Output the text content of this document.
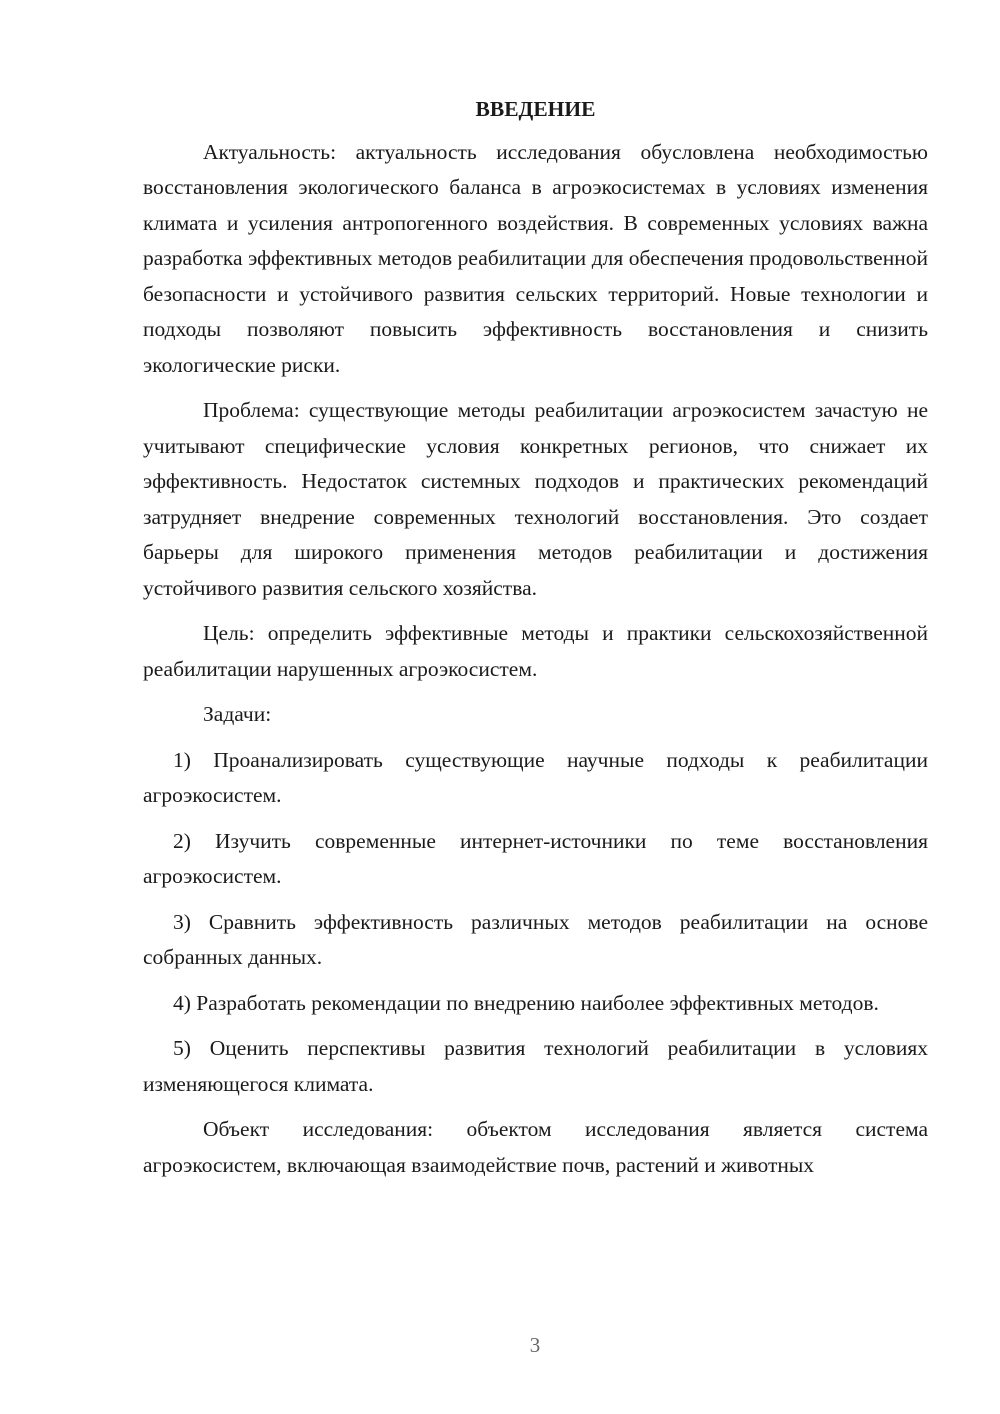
ВВЕДЕНИЕ

Актуальность: актуальность исследования обусловлена необходимостью восстановления экологического баланса в агроэкосистемах в условиях изменения климата и усиления антропогенного воздействия. В современных условиях важна разработка эффективных методов реабилитации для обеспечения продовольственной безопасности и устойчивого развития сельских территорий. Новые технологии и подходы позволяют повысить эффективность восстановления и снизить экологические риски.

Проблема: существующие методы реабилитации агроэкосистем зачастую не учитывают специфические условия конкретных регионов, что снижает их эффективность. Недостаток системных подходов и практических рекомендаций затрудняет внедрение современных технологий восстановления. Это создает барьеры для широкого применения методов реабилитации и достижения устойчивого развития сельского хозяйства.

Цель: определить эффективные методы и практики сельскохозяйственной реабилитации нарушенных агроэкосистем.

Задачи:

1) Проанализировать существующие научные подходы к реабилитации агроэкосистем.

2) Изучить современные интернет-источники по теме восстановления агроэкосистем.

3) Сравнить эффективность различных методов реабилитации на основе собранных данных.

4) Разработать рекомендации по внедрению наиболее эффективных методов.

5) Оценить перспективы развития технологий реабилитации в условиях изменяющегося климата.

Объект исследования: объектом исследования является система агроэкосистем, включающая взаимодействие почв, растений и животных

3
